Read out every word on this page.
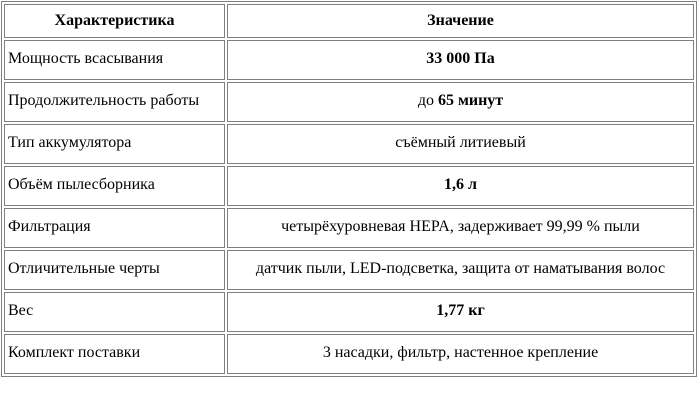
Характеристика	Значение
Мощность всасывания	33 000 Па
Продолжительность работы	до 65 минут
Тип аккумулятора	съёмный литиевый
Объём пылесборника	1,6 л
Фильтрация	четырёхуровневая HEPA, задерживает 99,99 % пыли
Отличительные черты	датчик пыли, LED-подсветка, защита от наматывания волос
Вес	1,77 кг
Комплект поставки	3 насадки, фильтр, настенное крепление
